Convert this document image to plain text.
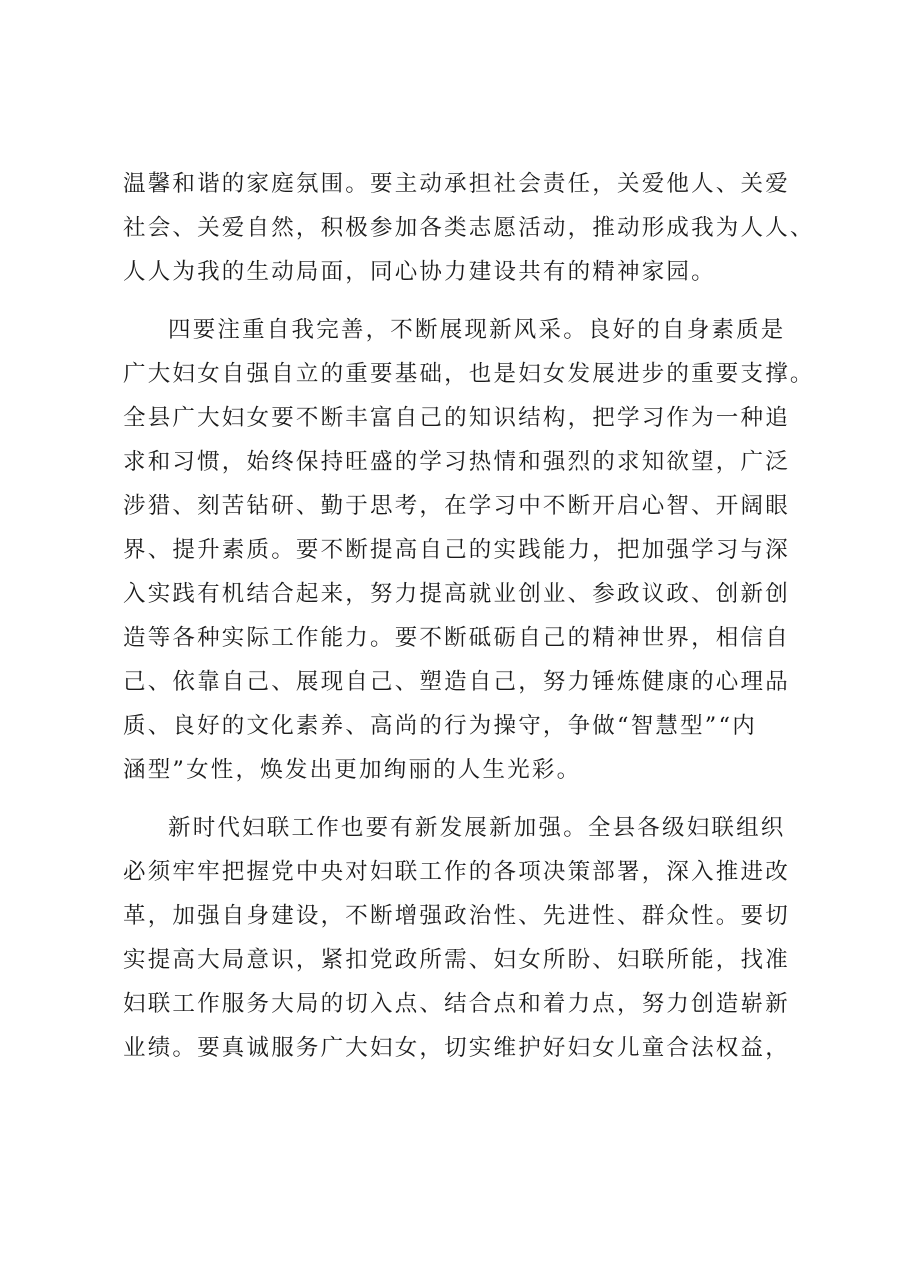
温馨和谐的家庭氛围。要主动承担社会责任，关爱他人、关爱
社会、关爱自然，积极参加各类志愿活动，推动形成我为人人、
人人为我的生动局面，同心协力建设共有的精神家园。
四要注重自我完善，不断展现新风采。良好的自身素质是
广大妇女自强自立的重要基础，也是妇女发展进步的重要支撑。
全县广大妇女要不断丰富自己的知识结构，把学习作为一种追
求和习惯，始终保持旺盛的学习热情和强烈的求知欲望，广泛
涉猎、刻苦钻研、勤于思考，在学习中不断开启心智、开阔眼
界、提升素质。要不断提高自己的实践能力，把加强学习与深
入实践有机结合起来，努力提高就业创业、参政议政、创新创
造等各种实际工作能力。要不断砥砺自己的精神世界，相信自
己、依靠自己、展现自己、塑造自己，努力锤炼健康的心理品
质、良好的文化素养、高尚的行为操守，争做“智慧型”“内
涵型”女性，焕发出更加绚丽的人生光彩。
新时代妇联工作也要有新发展新加强。全县各级妇联组织
必须牢牢把握党中央对妇联工作的各项决策部署，深入推进改
革，加强自身建设，不断增强政治性、先进性、群众性。要切
实提高大局意识，紧扣党政所需、妇女所盼、妇联所能，找准
妇联工作服务大局的切入点、结合点和着力点，努力创造崭新
业绩。要真诚服务广大妇女，切实维护好妇女儿童合法权益，
